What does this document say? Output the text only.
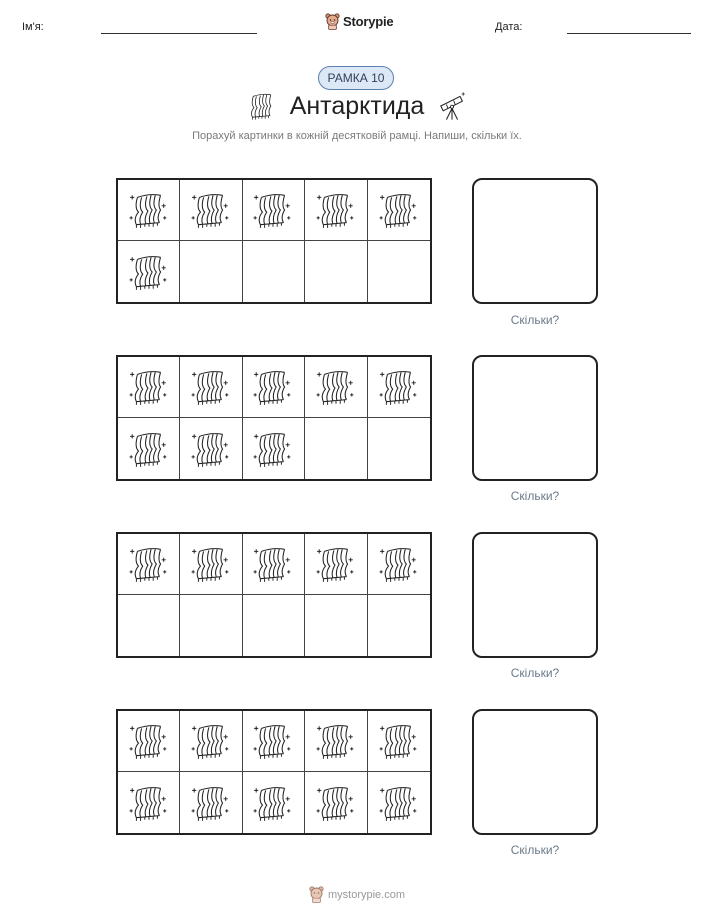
Ім'я:	Storypie	Дата:
РАМКА 10
Антарктида
Порахуй картинки в кожній десятковій рамці. Напиши, скільки їх.
Скільки?
Скільки?
Скільки?
Скільки?
mystorypie.com
